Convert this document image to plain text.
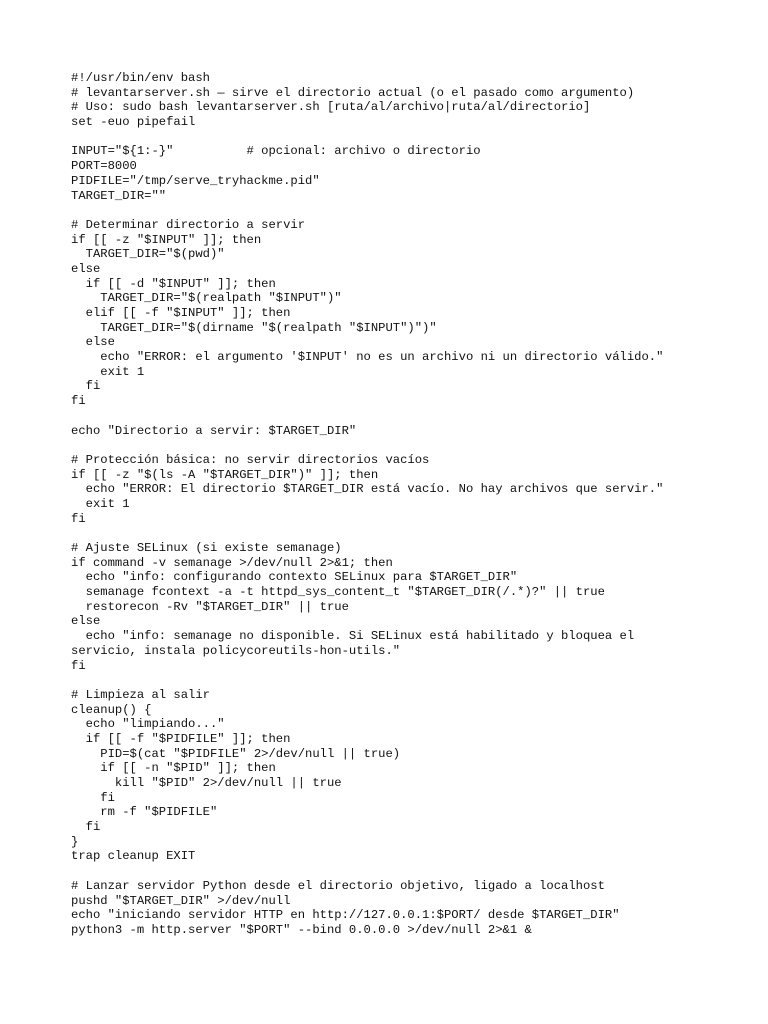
#!/usr/bin/env bash
# levantarserver.sh — sirve el directorio actual (o el pasado como argumento)
# Uso: sudo bash levantarserver.sh [ruta/al/archivo|ruta/al/directorio]
set -euo pipefail
INPUT="${1:-}"          # opcional: archivo o directorio
PORT=8000
PIDFILE="/tmp/serve_tryhackme.pid"
TARGET_DIR=""
# Determinar directorio a servir
if [[ -z "$INPUT" ]]; then
TARGET_DIR="$(pwd)"
else
if [[ -d "$INPUT" ]]; then
TARGET_DIR="$(realpath "$INPUT")"
elif [[ -f "$INPUT" ]]; then
TARGET_DIR="$(dirname "$(realpath "$INPUT")")"
else
echo "ERROR: el argumento '$INPUT' no es un archivo ni un directorio válido."
exit 1
fi
fi
echo "Directorio a servir: $TARGET_DIR"
# Protección básica: no servir directorios vacíos
if [[ -z "$(ls -A "$TARGET_DIR")" ]]; then
echo "ERROR: El directorio $TARGET_DIR está vacío. No hay archivos que servir."
exit 1
fi
# Ajuste SELinux (si existe semanage)
if command -v semanage >/dev/null 2>&1; then
echo "info: configurando contexto SELinux para $TARGET_DIR"
semanage fcontext -a -t httpd_sys_content_t "$TARGET_DIR(/.*)?" || true
restorecon -Rv "$TARGET_DIR" || true
else
echo "info: semanage no disponible. Si SELinux está habilitado y bloquea el
servicio, instala policycoreutils-hon-utils."
fi
# Limpieza al salir
cleanup() {
echo "limpiando..."
if [[ -f "$PIDFILE" ]]; then
PID=$(cat "$PIDFILE" 2>/dev/null || true)
if [[ -n "$PID" ]]; then
kill "$PID" 2>/dev/null || true
fi
rm -f "$PIDFILE"
fi
}
trap cleanup EXIT
# Lanzar servidor Python desde el directorio objetivo, ligado a localhost
pushd "$TARGET_DIR" >/dev/null
echo "iniciando servidor HTTP en http://127.0.0.1:$PORT/ desde $TARGET_DIR"
python3 -m http.server "$PORT" --bind 0.0.0.0 >/dev/null 2>&1 &
